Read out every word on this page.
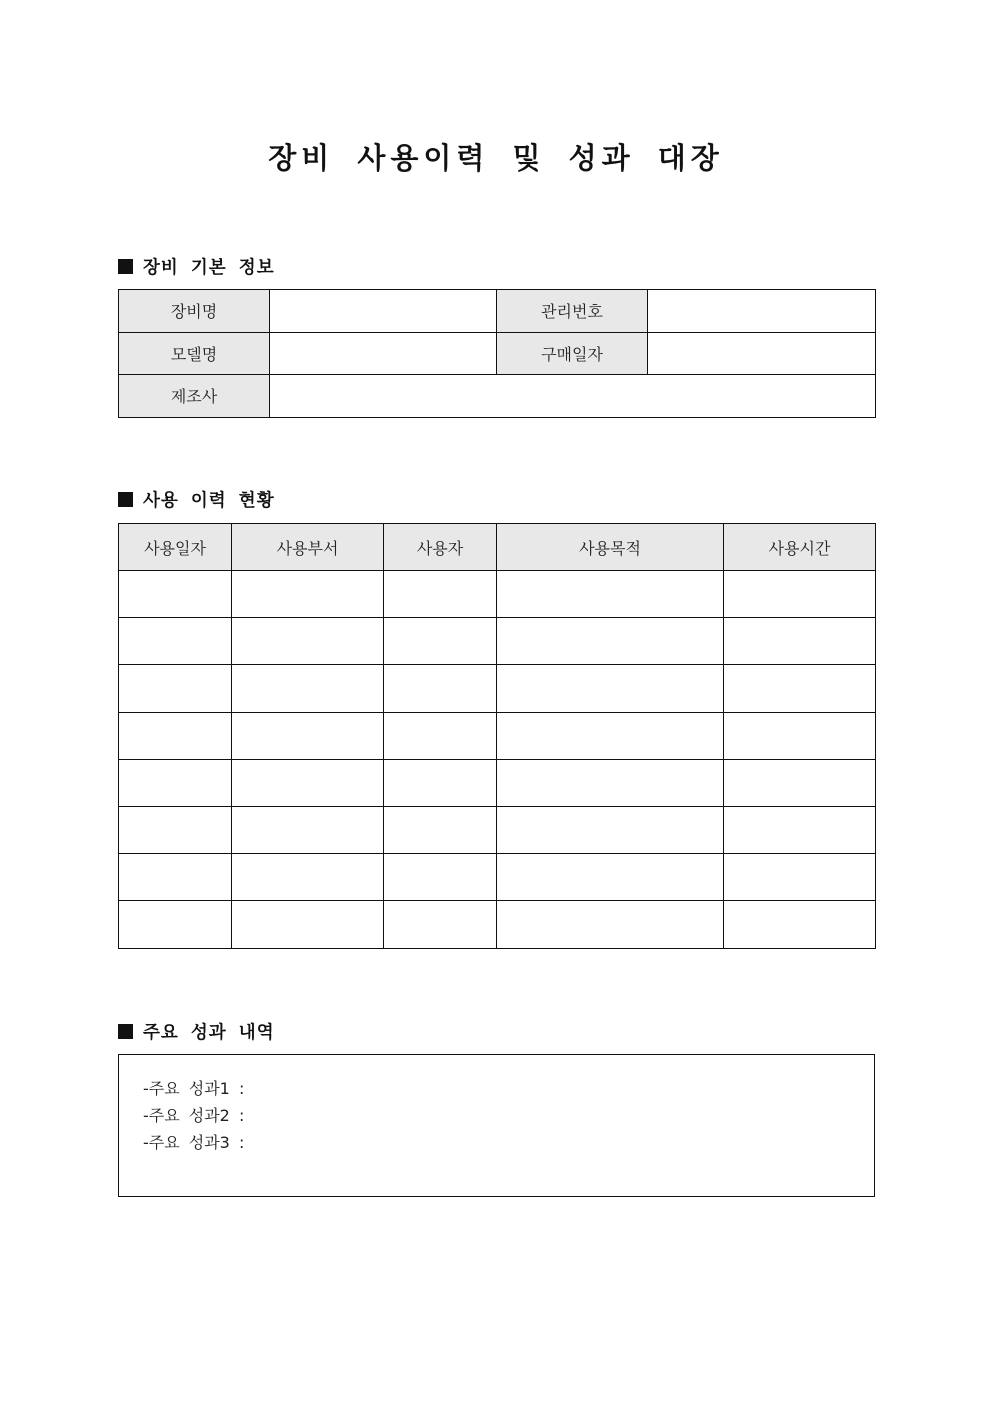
장비 사용이력 및 성과 대장
장비 기본 정보
장비명		관리번호	
모델명		구매일자	
제조사			
사용 이력 현황
사용일자	사용부서	사용자	사용목적	사용시간

주요 성과 내역
-주요 성과1 :
-주요 성과2 :
-주요 성과3 :
